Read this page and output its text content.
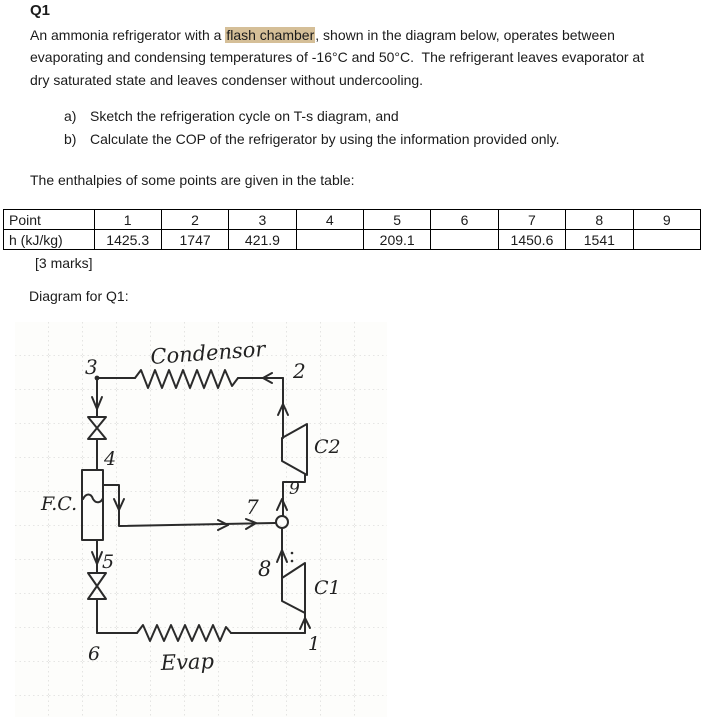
Q1
An ammonia refrigerator with a flash chamber, shown in the diagram below, operates between
evaporating and condensing temperatures of -16°C and 50°C.  The refrigerant leaves evaporator at
dry saturated state and leaves condenser without undercooling.
a) Sketch the refrigeration cycle on T-s diagram, and
b) Calculate the COP of the refrigerator by using the information provided only.
The enthalpies of some points are given in the table:
Point	1	2	3	4	5	6	7	8	9
h (kJ/kg)	1425.3	1747	421.9		209.1		1450.6	1541	
[3 marks]
Diagram for Q1:
Condensor
Evap
F.C.
C2
C1
3	2
4
9
7
8
5
6	1
